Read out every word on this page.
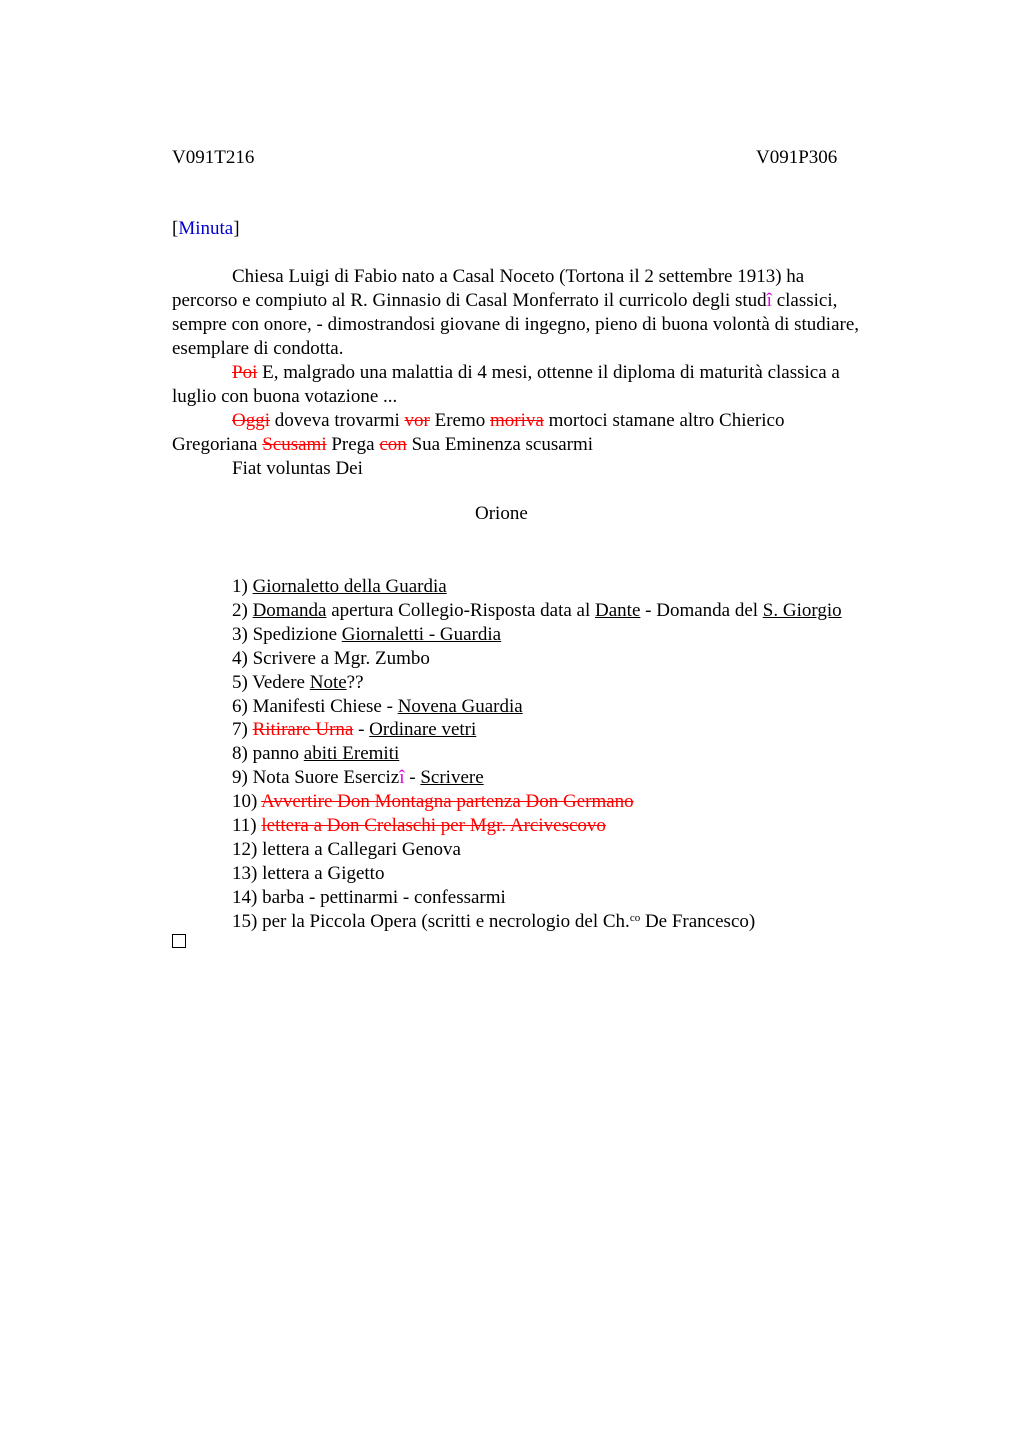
V091T216	V091P306
[Minuta]
Chiesa Luigi di Fabio nato a Casal Noceto (Tortona il 2 settembre 1913) ha
percorso e compiuto al R. Ginnasio di Casal Monferrato il curricolo degli studî classici,
sempre con onore, - dimostrandosi giovane di ingegno, pieno di buona volontà di studiare,
esemplare di condotta.
Poi E, malgrado una malattia di 4 mesi, ottenne il diploma di maturità classica a
luglio con buona votazione ...
Oggi doveva trovarmi vor Eremo moriva mortoci stamane altro Chierico
Gregoriana Scusami Prega con Sua Eminenza scusarmi
Fiat voluntas Dei
Orione
1) Giornaletto della Guardia
2) Domanda apertura Collegio-Risposta data al Dante - Domanda del S. Giorgio
3) Spedizione Giornaletti - Guardia
4) Scrivere a Mgr. Zumbo
5) Vedere Note??
6) Manifesti Chiese - Novena Guardia
7) Ritirare Urna - Ordinare vetri
8) panno abiti Eremiti
9) Nota Suore Esercizî - Scrivere
10) Avvertire Don Montagna partenza Don Germano
11) lettera a Don Crelaschi per Mgr. Arcivescovo
12) lettera a Callegari Genova
13) lettera a Gigetto
14) barba - pettinarmi - confessarmi
15) per la Piccola Opera (scritti e necrologio del Ch.$^{co}$ De Francesco)
